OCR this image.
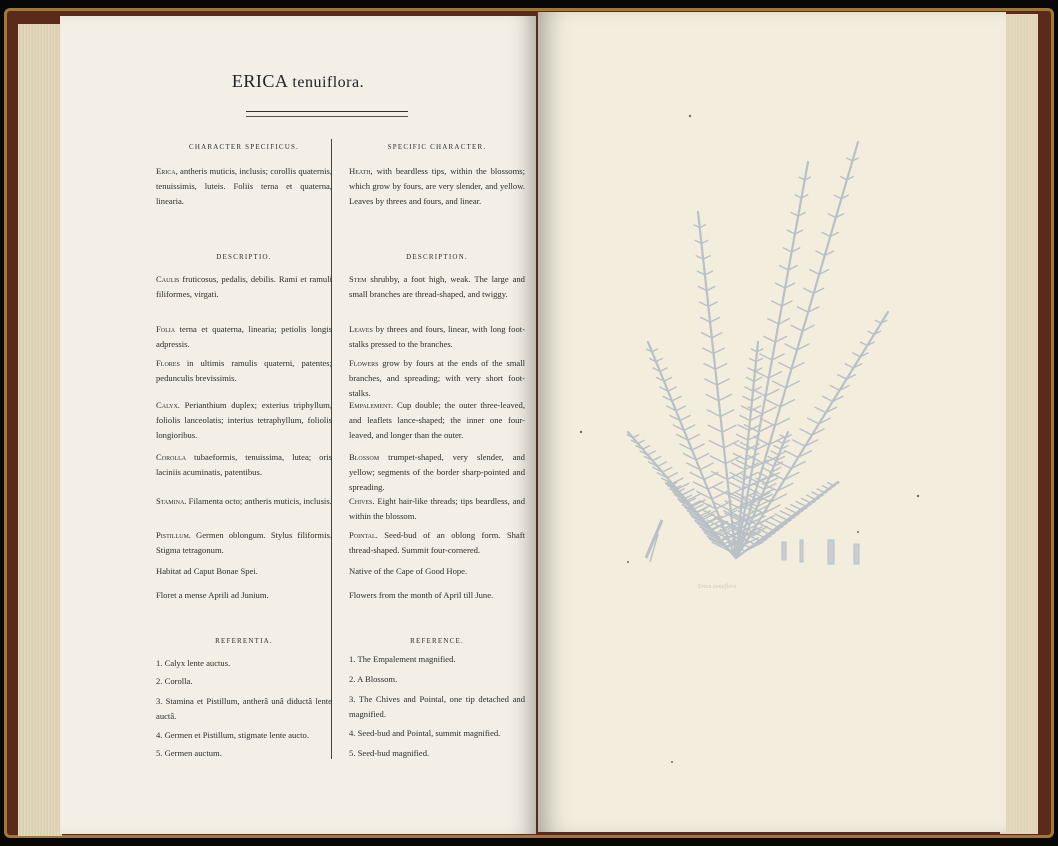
ERICA tenuiflora.
CHARACTER SPECIFICUS.

Erica, antheris muticis, inclusis; corollis quaternis, tenuissimis, luteis. Foliis terna et quaterna, linearia.

DESCRIPTIO.

Caulis fruticosus, pedalis, debilis. Rami et ramuli filiformes, virgati.

Folia terna et quaterna, linearia; petiolis longis adpressis.

Flores in ultimis ramulis quaterni, patentes; pedunculis brevissimis.

Calyx. Perianthium duplex; exterius triphyllum, foliolis lanceolatis; interius tetraphyllum, foliolis longioribus.

Corolla tubaeformis, tenuissima, lutea; oris laciniis acuminatis, patentibus.

Stamina. Filamenta octo; antheris muticis, inclusis.

Pistillum. Germen oblongum. Stylus filiformis. Stigma tetragonum.

Habitat ad Caput Bonae Spei.

Floret a mense Aprili ad Junium.

REFERENTIA.

1. Calyx lente auctus.

2. Corolla.

3. Stamina et Pistillum, antherâ unâ diductâ lente auctâ.

4. Germen et Pistillum, stigmate lente aucto.

5. Germen auctum.

SPECIFIC CHARACTER.

Heath, with beardless tips, within the blossoms; which grow by fours, are very slender, and yellow. Leaves by threes and fours, and linear.

DESCRIPTION.

Stem shrubby, a foot high, weak. The large and small branches are thread-shaped, and twiggy.

Leaves by threes and fours, linear, with long foot-stalks pressed to the branches.

Flowers grow by fours at the ends of the small branches, and spreading; with very short foot-stalks.

Empalement. Cup double; the outer three-leaved, and leaflets lance-shaped; the inner one four-leaved, and longer than the outer.

Blossom trumpet-shaped, very slender, and yellow; segments of the border sharp-pointed and spreading.

Chives. Eight hair-like threads; tips beardless, and within the blossom.

Pointal. Seed-bud of an oblong form. Shaft thread-shaped. Summit four-cornered.

Native of the Cape of Good Hope.

Flowers from the month of April till June.

REFERENCE.

1. The Empalement magnified.

2. A Blossom.

3. The Chives and Pointal, one tip detached and magnified.

4. Seed-bud and Pointal, summit magnified.

5. Seed-bud magnified.

Erica tenuiflora
